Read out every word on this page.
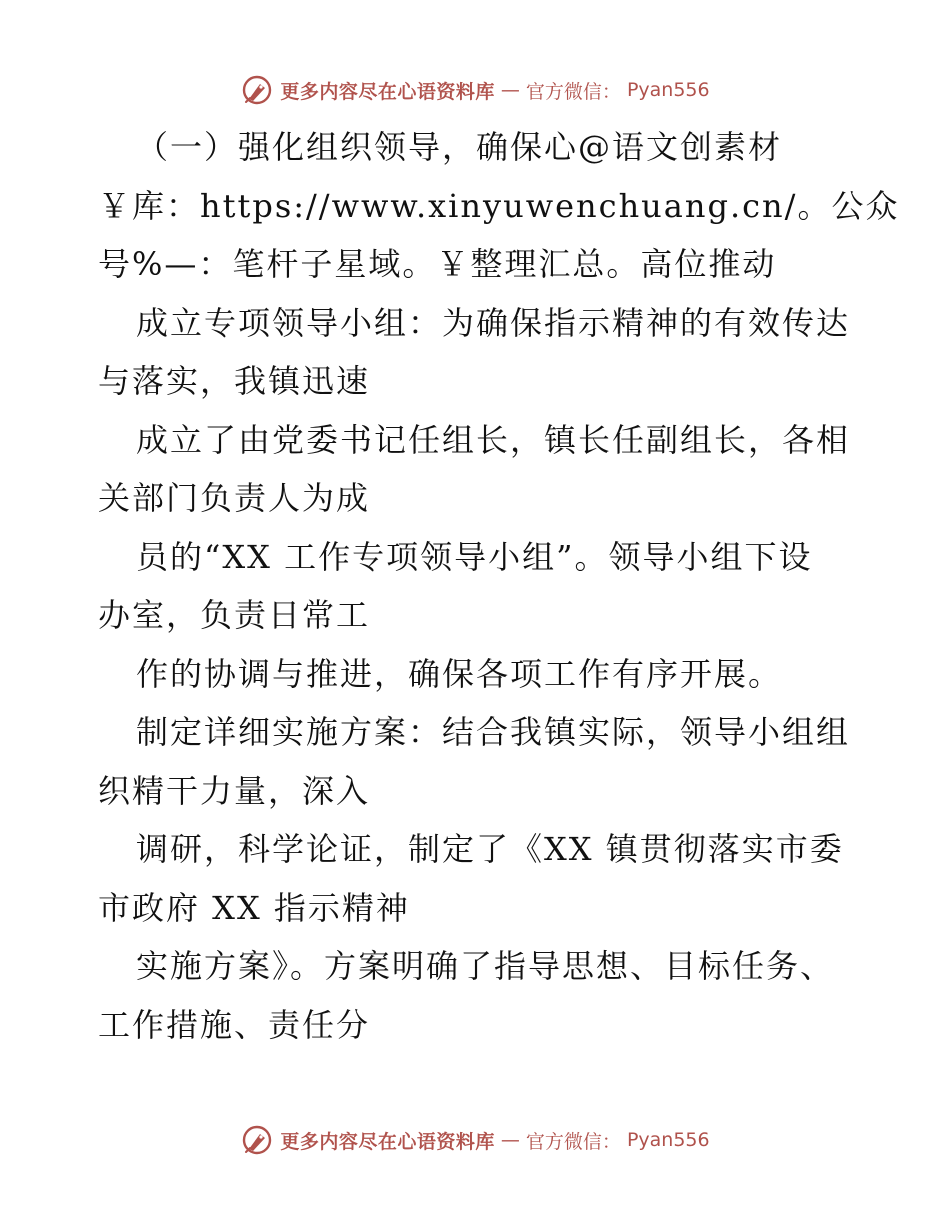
更多内容尽在心语资料库 — 官方微信： Pyan556
（一）强化组织领导，确保心@语文创素材
￥库：https://www.xinyuwenchuang.cn/。公众
号%—：笔杆子星域。￥整理汇总。高位推动
成立专项领导小组：为确保指示精神的有效传达
与落实，我镇迅速
成立了由党委书记任组长，镇长任副组长，各相
关部门负责人为成
员的“XX 工作专项领导小组”。领导小组下设
办室，负责日常工
作的协调与推进，确保各项工作有序开展。
制定详细实施方案：结合我镇实际，领导小组组
织精干力量，深入
调研，科学论证，制定了《XX 镇贯彻落实市委
市政府 XX 指示精神
实施方案》。方案明确了指导思想、目标任务、
工作措施、责任分
更多内容尽在心语资料库 — 官方微信： Pyan556
